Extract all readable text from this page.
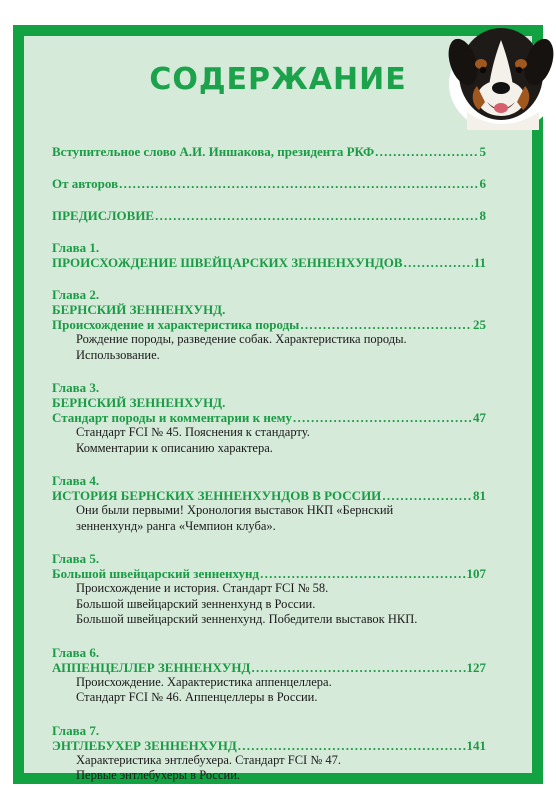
СОДЕРЖАНИЕ
Вступительное слово А.И. Иншакова, президента РКФ . . .	5
От авторов . . .	6
ПРЕДИСЛОВИЕ . . .	8
Глава 1.
ПРОИСХОЖДЕНИЕ ШВЕЙЦАРСКИХ ЗЕННЕНХУНДОВ . . .	11
Глава 2.
БЕРНСКИЙ ЗЕННЕНХУНД.
Происхождение и характеристика породы . . .	25
Рождение породы, разведение собак. Характеристика породы.
Использование.
Глава 3.
БЕРНСКИЙ ЗЕННЕНХУНД.
Стандарт породы и комментарии к нему . . .	47
Стандарт FCI № 45. Пояснения к стандарту.
Комментарии к описанию характера.
Глава 4.
ИСТОРИЯ БЕРНСКИХ ЗЕННЕНХУНДОВ В РОССИИ . . .	81
Они были первыми! Хронология выставок НКП «Бернский
зенненхунд» ранга «Чемпион клуба».
Глава 5.
Большой швейцарский зенненхунд . . .	107
Происхождение и история. Стандарт FCI № 58.
Большой швейцарский зенненхунд в России.
Большой швейцарский зенненхунд. Победители выставок НКП.
Глава 6.
АППЕНЦЕЛЛЕР ЗЕННЕНХУНД . . .	127
Происхождение. Характеристика аппенцеллера.
Стандарт FCI № 46. Аппенцеллеры в России.
Глава 7.
ЭНТЛЕБУХЕР ЗЕННЕНХУНД . . .	141
Характеристика энтлебухера. Стандарт FCI № 47.
Первые энтлебухеры в России.
